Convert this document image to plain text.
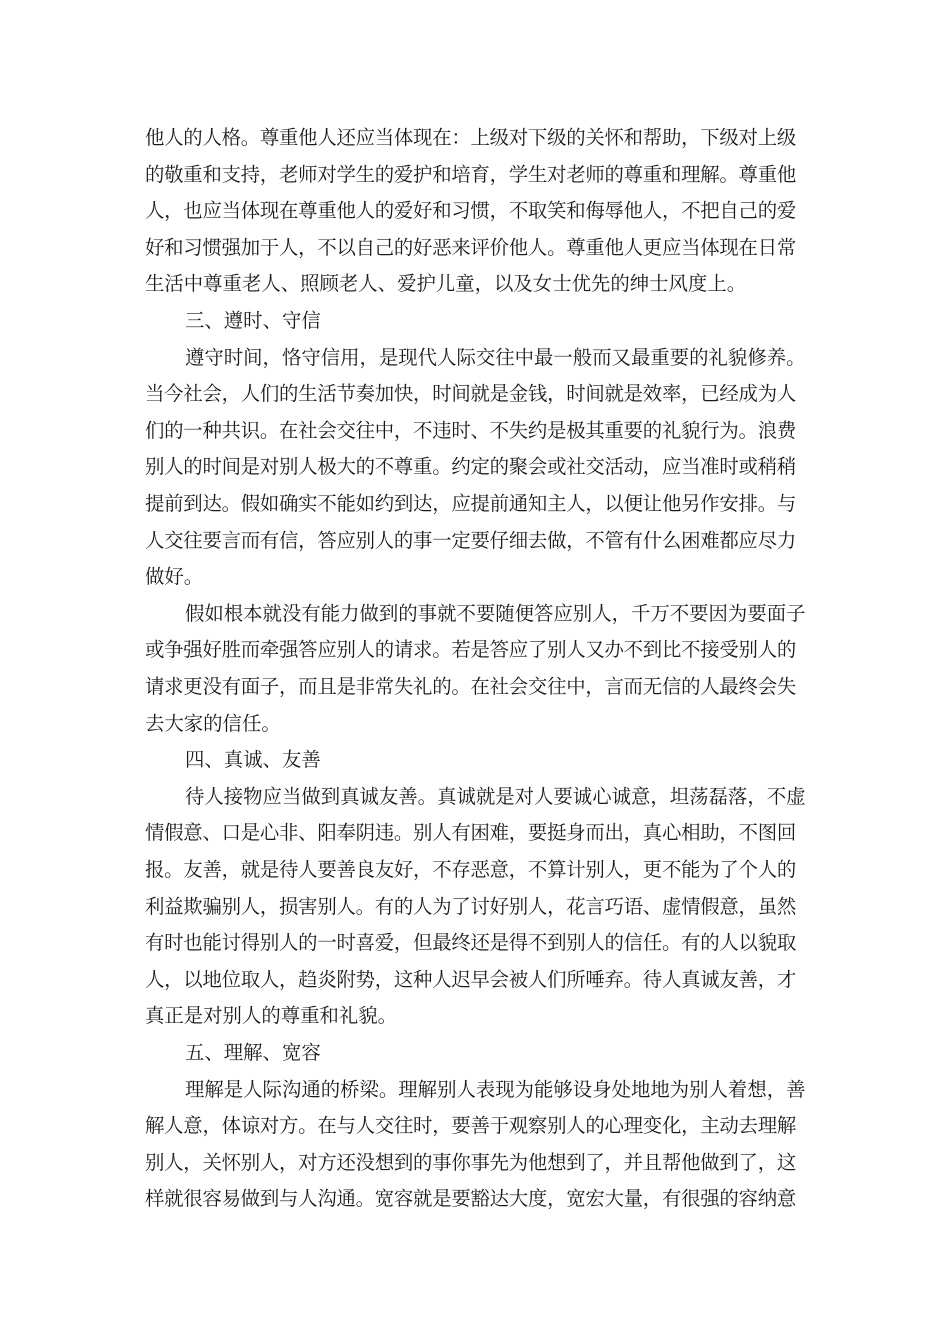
他人的人格。尊重他人还应当体现在：上级对下级的关怀和帮助，下级对上级
的敬重和支持，老师对学生的爱护和培育，学生对老师的尊重和理解。尊重他
人，也应当体现在尊重他人的爱好和习惯，不取笑和侮辱他人，不把自己的爱
好和习惯强加于人，不以自己的好恶来评价他人。尊重他人更应当体现在日常
生活中尊重老人、照顾老人、爱护儿童，以及女士优先的绅士风度上。
三、遵时、守信
遵守时间，恪守信用，是现代人际交往中最一般而又最重要的礼貌修养。
当今社会，人们的生活节奏加快，时间就是金钱，时间就是效率，已经成为人
们的一种共识。在社会交往中，不违时、不失约是极其重要的礼貌行为。浪费
别人的时间是对别人极大的不尊重。约定的聚会或社交活动，应当准时或稍稍
提前到达。假如确实不能如约到达，应提前通知主人，以便让他另作安排。与
人交往要言而有信，答应别人的事一定要仔细去做，不管有什么困难都应尽力
做好。
假如根本就没有能力做到的事就不要随便答应别人，千万不要因为要面子
或争强好胜而牵强答应别人的请求。若是答应了别人又办不到比不接受别人的
请求更没有面子，而且是非常失礼的。在社会交往中，言而无信的人最终会失
去大家的信任。
四、真诚、友善
待人接物应当做到真诚友善。真诚就是对人要诚心诚意，坦荡磊落，不虚
情假意、口是心非、阳奉阴违。别人有困难，要挺身而出，真心相助，不图回
报。友善，就是待人要善良友好，不存恶意，不算计别人，更不能为了个人的
利益欺骗别人，损害别人。有的人为了讨好别人，花言巧语、虚情假意，虽然
有时也能讨得别人的一时喜爱，但最终还是得不到别人的信任。有的人以貌取
人，以地位取人，趋炎附势，这种人迟早会被人们所唾弃。待人真诚友善，才
真正是对别人的尊重和礼貌。
五、理解、宽容
理解是人际沟通的桥梁。理解别人表现为能够设身处地地为别人着想，善
解人意，体谅对方。在与人交往时，要善于观察别人的心理变化，主动去理解
别人，关怀别人，对方还没想到的事你事先为他想到了，并且帮他做到了，这
样就很容易做到与人沟通。宽容就是要豁达大度，宽宏大量，有很强的容纳意
